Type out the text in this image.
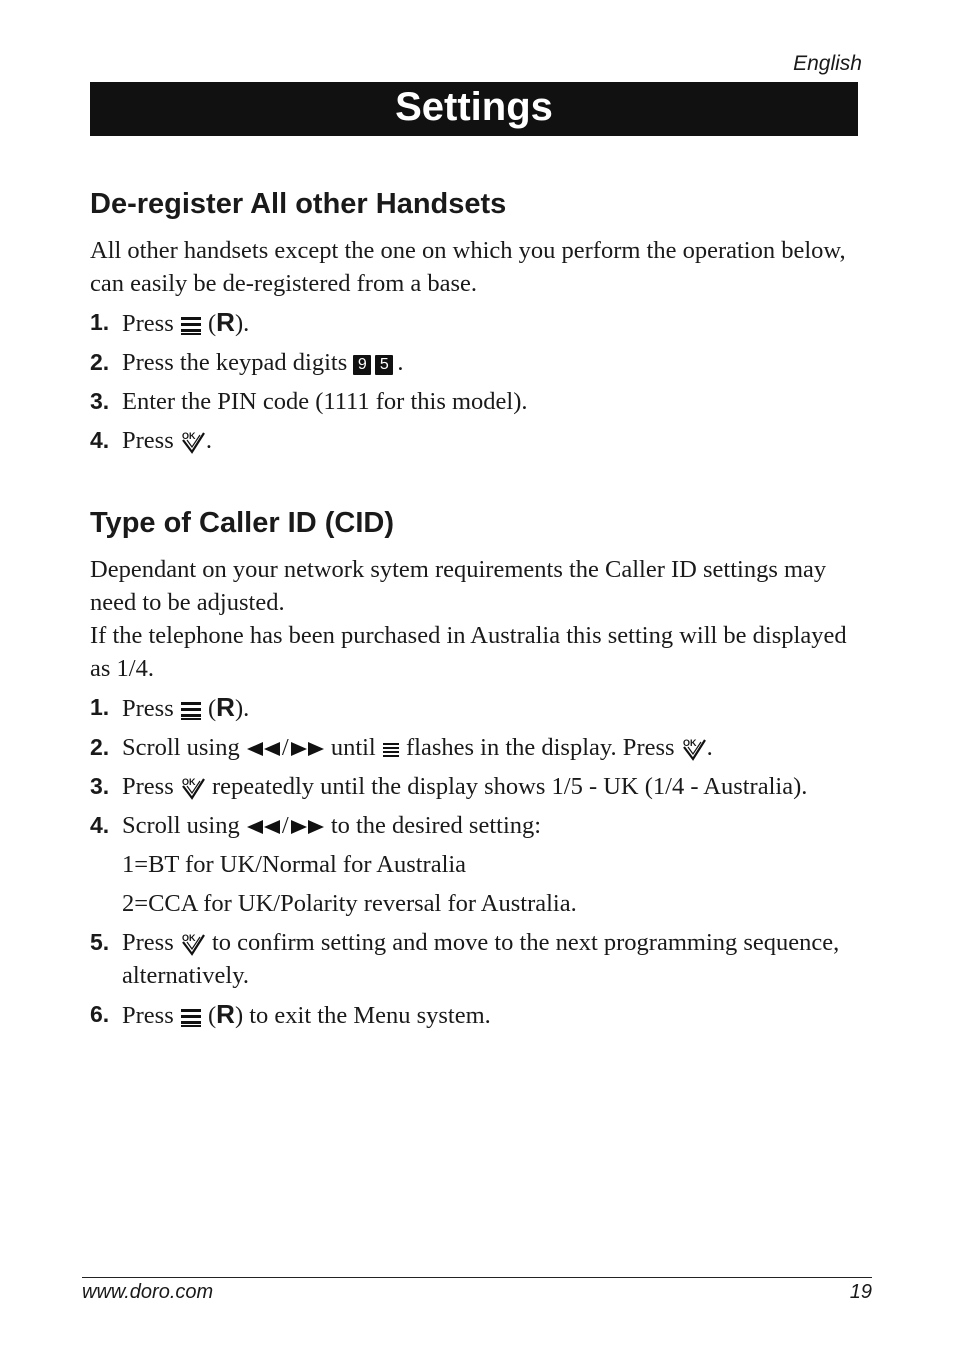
English
Settings
De-register All other Handsets

All other handsets except the one on which you perform the operation below, can easily be de-registered from a base.

1. Press  (R).
2. Press the keypad digits 9 5 .
3. Enter the PIN code (1111 for this model).
4. Press OK .
Type of Caller ID (CID)

Dependant on your network sytem requirements the Caller ID settings may need to be adjusted.

If the telephone has been purchased in Australia this setting will be displayed as 1/4.

1. Press  (R).
2. Scroll using / until flashes in the display. Press OK .
3. Press OK repeatedly until the display shows 1/5 - UK (1/4 - Australia).
4. Scroll using / to the desired setting:

1=BT for UK/Normal for Australia

2=CCA for UK/Polarity reversal for Australia.

5. Press OK to confirm setting and move to the next programming sequence, alternatively.
6. Press  (R) to exit the Menu system.
www.doro.com	19
